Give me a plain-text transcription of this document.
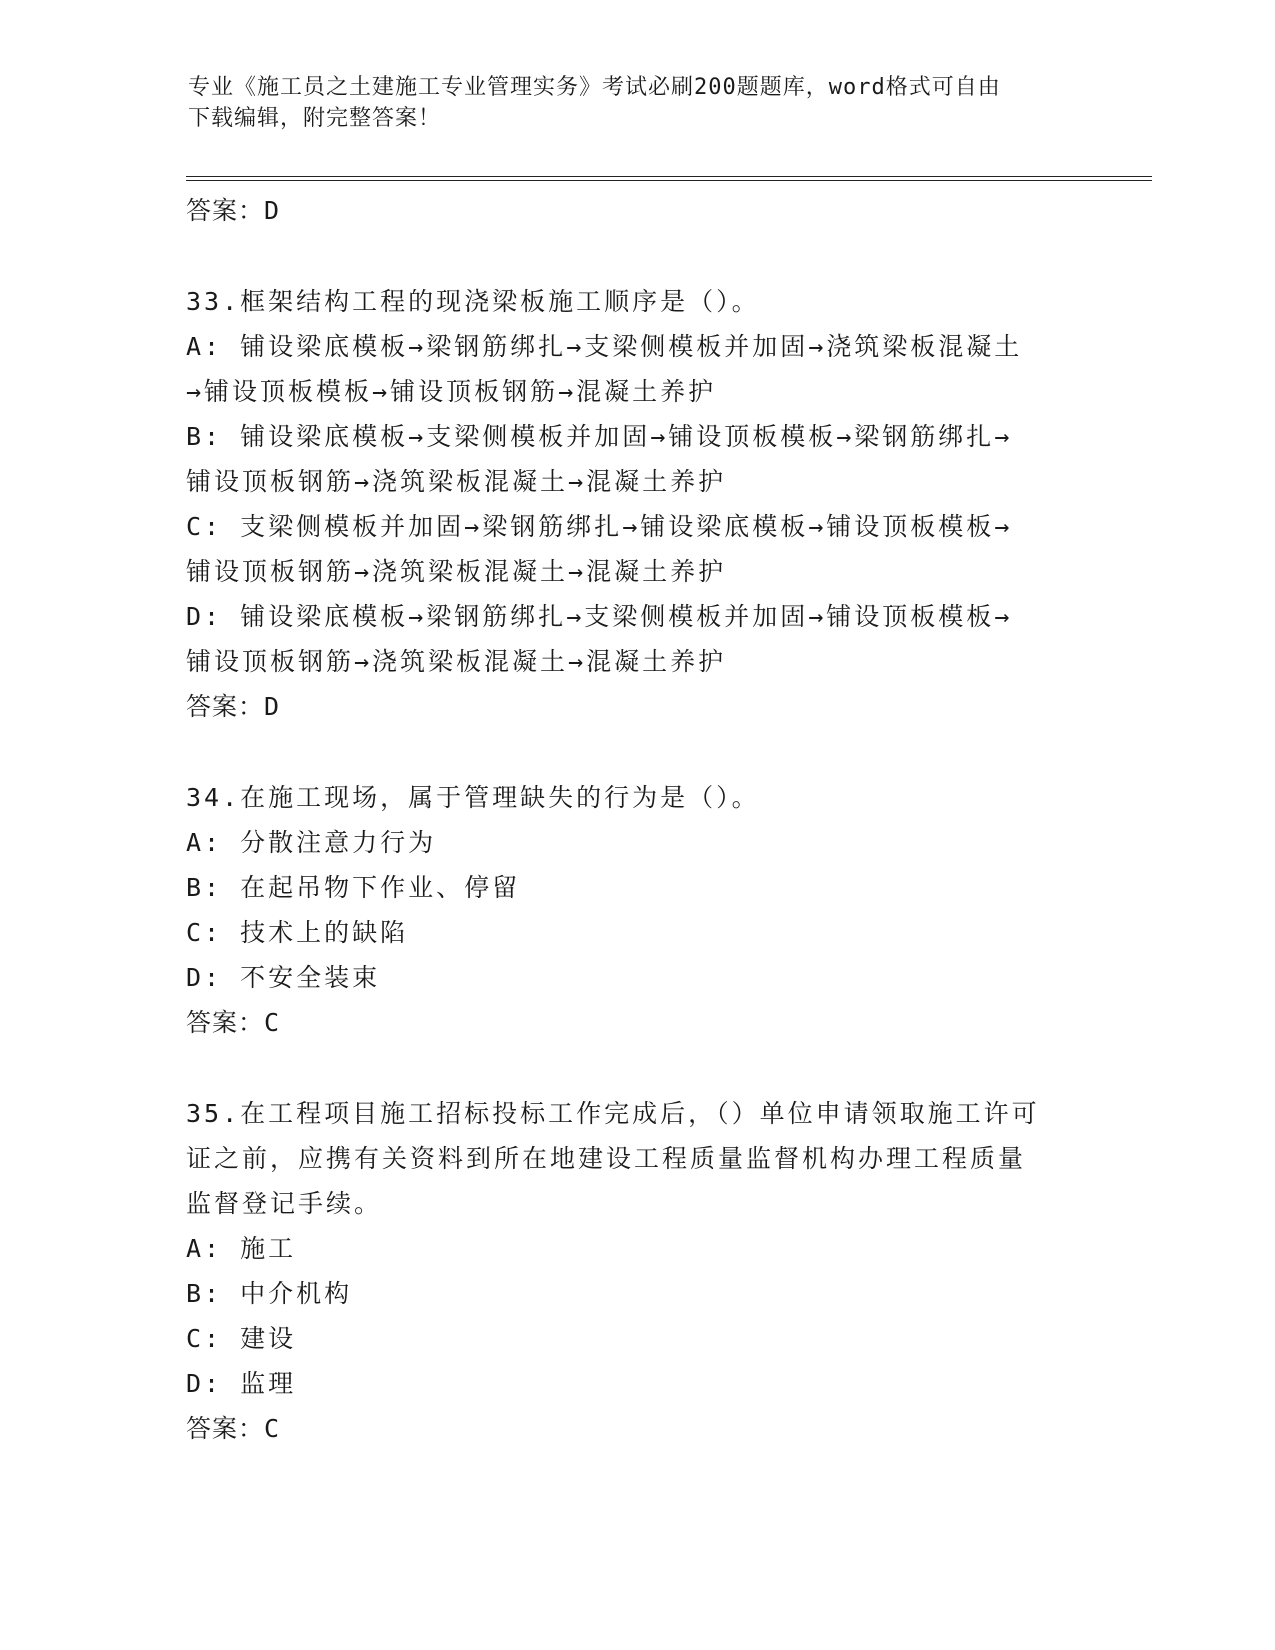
专业《施工员之土建施工专业管理实务》考试必刷200题题库，word格式可自由
下载编辑，附完整答案！
答案：D
33.框架结构工程的现浇梁板施工顺序是（）。
A: 铺设梁底模板→梁钢筋绑扎→支梁侧模板并加固→浇筑梁板混凝土
→铺设顶板模板→铺设顶板钢筋→混凝土养护
B: 铺设梁底模板→支梁侧模板并加固→铺设顶板模板→梁钢筋绑扎→
铺设顶板钢筋→浇筑梁板混凝土→混凝土养护
C: 支梁侧模板并加固→梁钢筋绑扎→铺设梁底模板→铺设顶板模板→
铺设顶板钢筋→浇筑梁板混凝土→混凝土养护
D: 铺设梁底模板→梁钢筋绑扎→支梁侧模板并加固→铺设顶板模板→
铺设顶板钢筋→浇筑梁板混凝土→混凝土养护
答案：D
34.在施工现场，属于管理缺失的行为是（）。
A: 分散注意力行为
B: 在起吊物下作业、停留
C: 技术上的缺陷
D: 不安全装束
答案：C
35.在工程项目施工招标投标工作完成后，（）单位申请领取施工许可
证之前，应携有关资料到所在地建设工程质量监督机构办理工程质量
监督登记手续。
A: 施工
B: 中介机构
C: 建设
D: 监理
答案：C
